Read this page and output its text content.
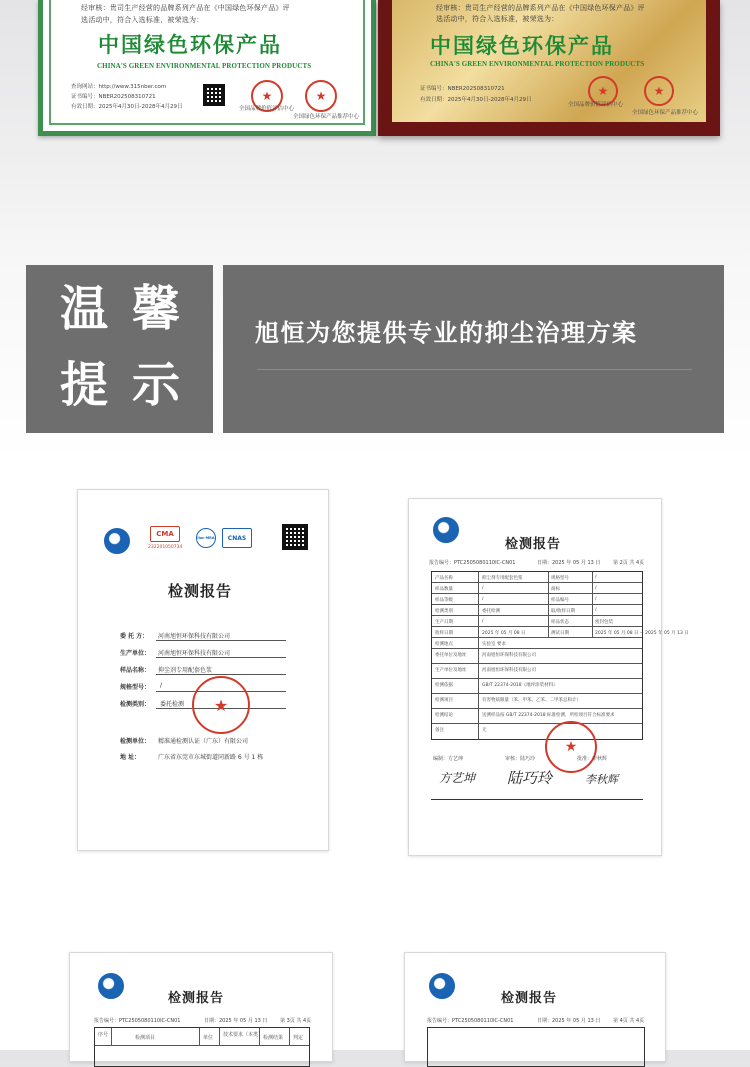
经审核：贵司生产经营的品牌系列产品在《中国绿色环保产品》评
选活动中，符合入选标准，被荣选为：
中国绿色环保产品
CHINA'S GREEN ENVIRONMENTAL PROTECTION PRODUCTS
查询网站：http://www.315nber.com
证书编号：NBER202508310721
有效日期：2025年4月30日-2028年4月29日
★	★
全国品牌价值评估中心
全国绿色环保产品推荐中心
经审核：贵司生产经营的品牌系列产品在《中国绿色环保产品》评
选活动中，符合入选标准，被荣选为：
中国绿色环保产品
CHINA'S GREEN ENVIRONMENTAL PROTECTION PRODUCTS
证书编号：NBER202508310721
有效日期：2025年4月30日-2028年4月29日
★	★
全国品牌价值评估中心
全国绿色环保产品推荐中心
温 馨
提 示
旭恒为您提供专业的抑尘治理方案
CMA
232201050734
ilac-MRA	CNAS
检测报告
委 托 方： 河南旭恒环保科技有限公司
生产单位： 河南旭恒环保科技有限公司
样品名称： 抑尘剂专用配套色浆
规格型号： /
检测类别： 委托检测	★
检测单位： 精准通检测认证（广东）有限公司
地 址：	广东省东莞市东城街道同新路 6 号 1 栋
检测报告
报告编号：PTC2505080110IC-CN01	日期：2025 年 05 月 13 日	第 2页 共 4页
产品名称	抑尘剂专用配套色浆	规格型号	/
样品数量	/	商标	/
样品等级	/	样品编号	/
检测类别	委托检测	取/收样日期	/
生产日期	/	样品状态	密封包装
收样日期	2025 年 05 月 08 日	测试日期	2025 年 05 月 08 日 ~ 2025 年 05 月 13 日
检测地点	实验室 要求
委托单位及地址	河南旭恒环保科技有限公司
生产单位及地址	河南旭恒环保科技有限公司
检测依据	GB/T 22374-2018《地坪涂装材料》
检测项目	有害物质限量（苯、甲苯、乙苯、二甲苯总和计）
检测结论	送测样品按 GB/T 22374-2018 标准检测，所检项目符合标准要求
备注	无
★
编制：方艺坤	审核：陆巧玲	批准：李秋辉
方艺坤 陆巧玲	李秋辉
检测报告
报告编号：PTC2505080110IC-CN01	日期：2025 年 05 月 13 日	第 3页 共 4页
序号	检测项目	单位 技术要求（本类） 检测结果 判定
检测报告
报告编号：PTC2505080110IC-CN01	日期：2025 年 05 月 13 日	第 4页 共 4页
